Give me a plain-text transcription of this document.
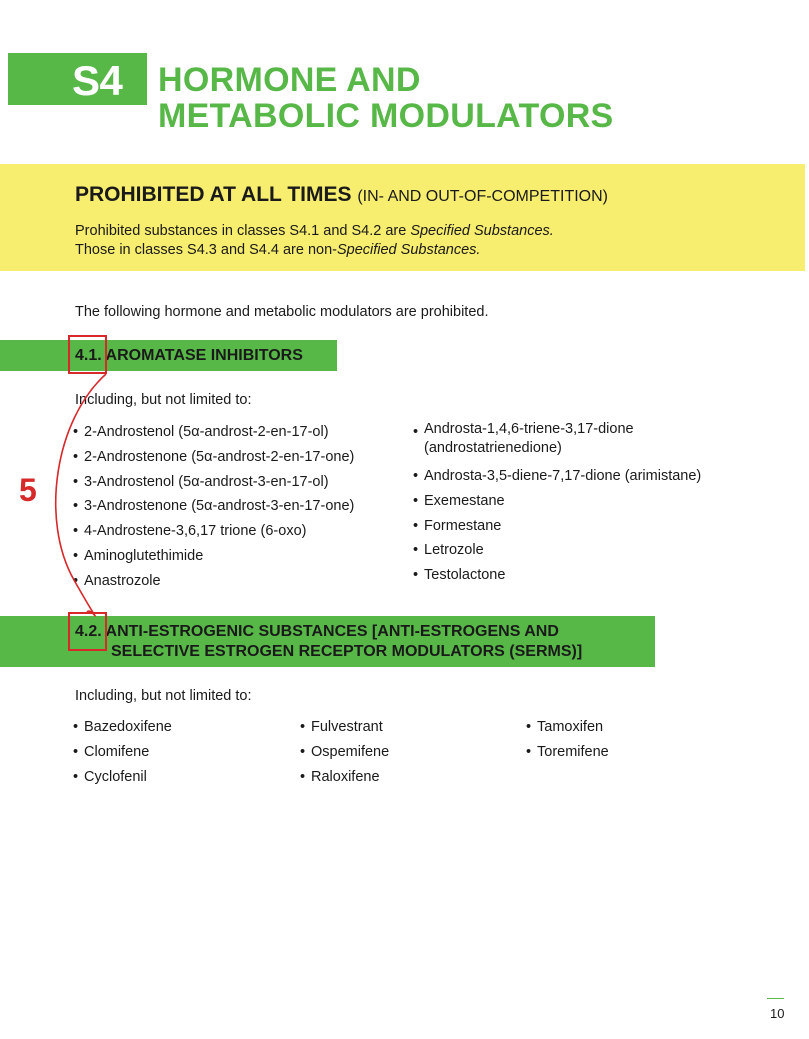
S4 HORMONE AND
METABOLIC MODULATORS
PROHIBITED AT ALL TIMES (IN- AND OUT-OF-COMPETITION)
Prohibited substances in classes S4.1 and S4.2 are Specified Substances.
Those in classes S4.3 and S4.4 are non-Specified Substances.
The following hormone and metabolic modulators are prohibited.
4.1. AROMATASE INHIBITORS
Including, but not limited to:
• 2-Androstenol (5α-androst-2-en-17-ol)
• 2-Androstenone (5α-androst-2-en-17-one)
• 3-Androstenol (5α-androst-3-en-17-ol)
• 3-Androstenone (5α-androst-3-en-17-one)
• 4-Androstene-3,6,17 trione (6-oxo)
• Aminoglutethimide
• Anastrozole
• Androsta-1,4,6-triene-3,17-dione
(androstatrienedione)
• Androsta-3,5-diene-7,17-dione (arimistane)
• Exemestane
• Formestane
• Letrozole
• Testolactone
4.2. ANTI-ESTROGENIC SUBSTANCES [ANTI-ESTROGENS AND
SELECTIVE ESTROGEN RECEPTOR MODULATORS (SERMS)]
Including, but not limited to:
• Bazedoxifene
• Clomifene
• Cyclofenil
• Fulvestrant
• Ospemifene
• Raloxifene
• Tamoxifen
• Toremifene
5
10
